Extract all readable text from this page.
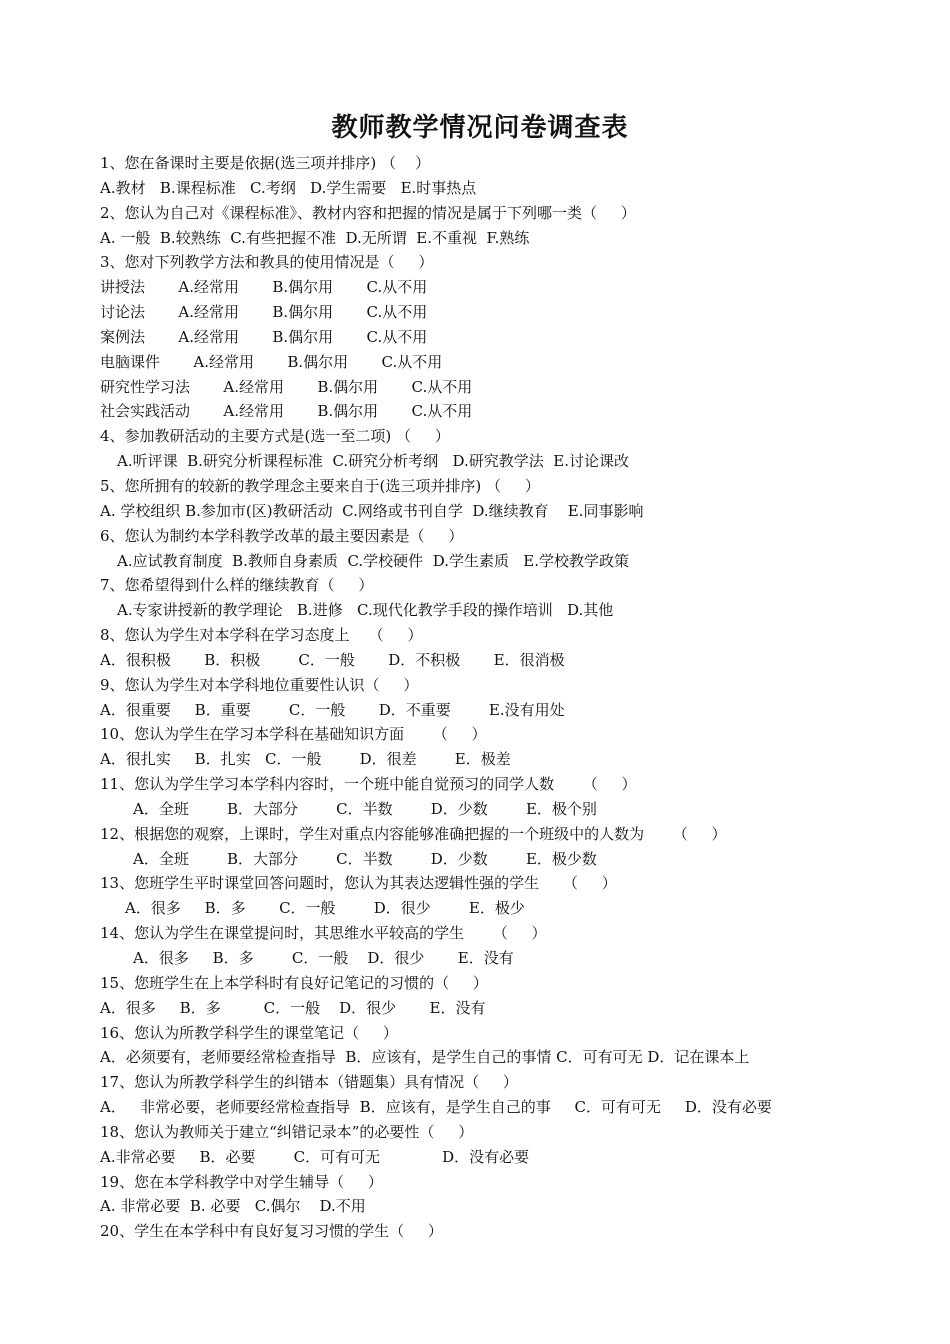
教师教学情况问卷调查表
1、您在备课时主要是依据(选三项并排序) （    ）
A.教材   B.课程标准   C.考纲   D.学生需要   E.时事热点
2、您认为自己对《课程标准》、教材内容和把握的情况是属于下列哪一类（     ）
A. 一般  B.较熟练  C.有些把握不准  D.无所谓  E.不重视  F.熟练
3、您对下列教学方法和教具的使用情况是（     ）
讲授法       A.经常用       B.偶尔用       C.从不用
讨论法       A.经常用       B.偶尔用       C.从不用
案例法       A.经常用       B.偶尔用       C.从不用
电脑课件       A.经常用       B.偶尔用       C.从不用
研究性学习法       A.经常用       B.偶尔用       C.从不用
社会实践活动       A.经常用       B.偶尔用       C.从不用
4、参加教研活动的主要方式是(选一至二项) （     ）
A.听评课  B.研究分析课程标准  C.研究分析考纲   D.研究教学法  E.讨论课改
5、您所拥有的较新的教学理念主要来自于(选三项并排序) （     ）
A. 学校组织 B.参加市(区)教研活动  C.网络或书刊自学  D.继续教育    E.同事影响
6、您认为制约本学科教学改革的最主要因素是（     ）
A.应试教育制度  B.教师自身素质  C.学校硬件  D.学生素质   E.学校教学政策
7、您希望得到什么样的继续教育（     ）
A.专家讲授新的教学理论   B.进修   C.现代化教学手段的操作培训   D.其他
8、您认为学生对本学科在学习态度上    （     ）
A．很积极       B．积极        C．一般       D．不积极       E．很消极
9、您认为学生对本学科地位重要性认识（     ）
A．很重要     B．重要        C．一般       D．不重要        E.没有用处
10、您认为学生在学习本学科在基础知识方面      （     ）
A．很扎实     B．扎实   C．一般        D．很差        E．极差
11、您认为学生学习本学科内容时，一个班中能自觉预习的同学人数      （     ）
A．全班        B．大部分        C．半数        D．少数        E．极个别
12、根据您的观察，上课时，学生对重点内容能够准确把握的一个班级中的人数为      （     ）
A．全班        B．大部分        C．半数        D．少数        E．极少数
13、您班学生平时课堂回答问题时，您认为其表达逻辑性强的学生     （     ）
A．很多     B．多       C．一般        D．很少        E．极少
14、您认为学生在课堂提问时，其思维水平较高的学生      （     ）
A．很多     B．多        C．一般    D．很少       E．没有
15、您班学生在上本学科时有良好记笔记的习惯的（     ）
A．很多     B．多         C．一般    D．很少       E．没有
16、您认为所教学科学生的课堂笔记（     ）
A．必须要有，老师要经常检查指导  B．应该有，是学生自己的事情 C．可有可无 D．记在课本上
17、您认为所教学科学生的纠错本（错题集）具有情况（     ）
A．   非常必要，老师要经常检查指导  B．应该有，是学生自己的事     C．可有可无     D．没有必要
18、您认为教师关于建立“纠错记录本”的必要性（     ）
A.非常必要     B．必要        C．可有可无             D．没有必要
19、您在本学科教学中对学生辅导（     ）
A. 非常必要  B. 必要   C.偶尔    D.不用
20、学生在本学科中有良好复习习惯的学生（     ）
